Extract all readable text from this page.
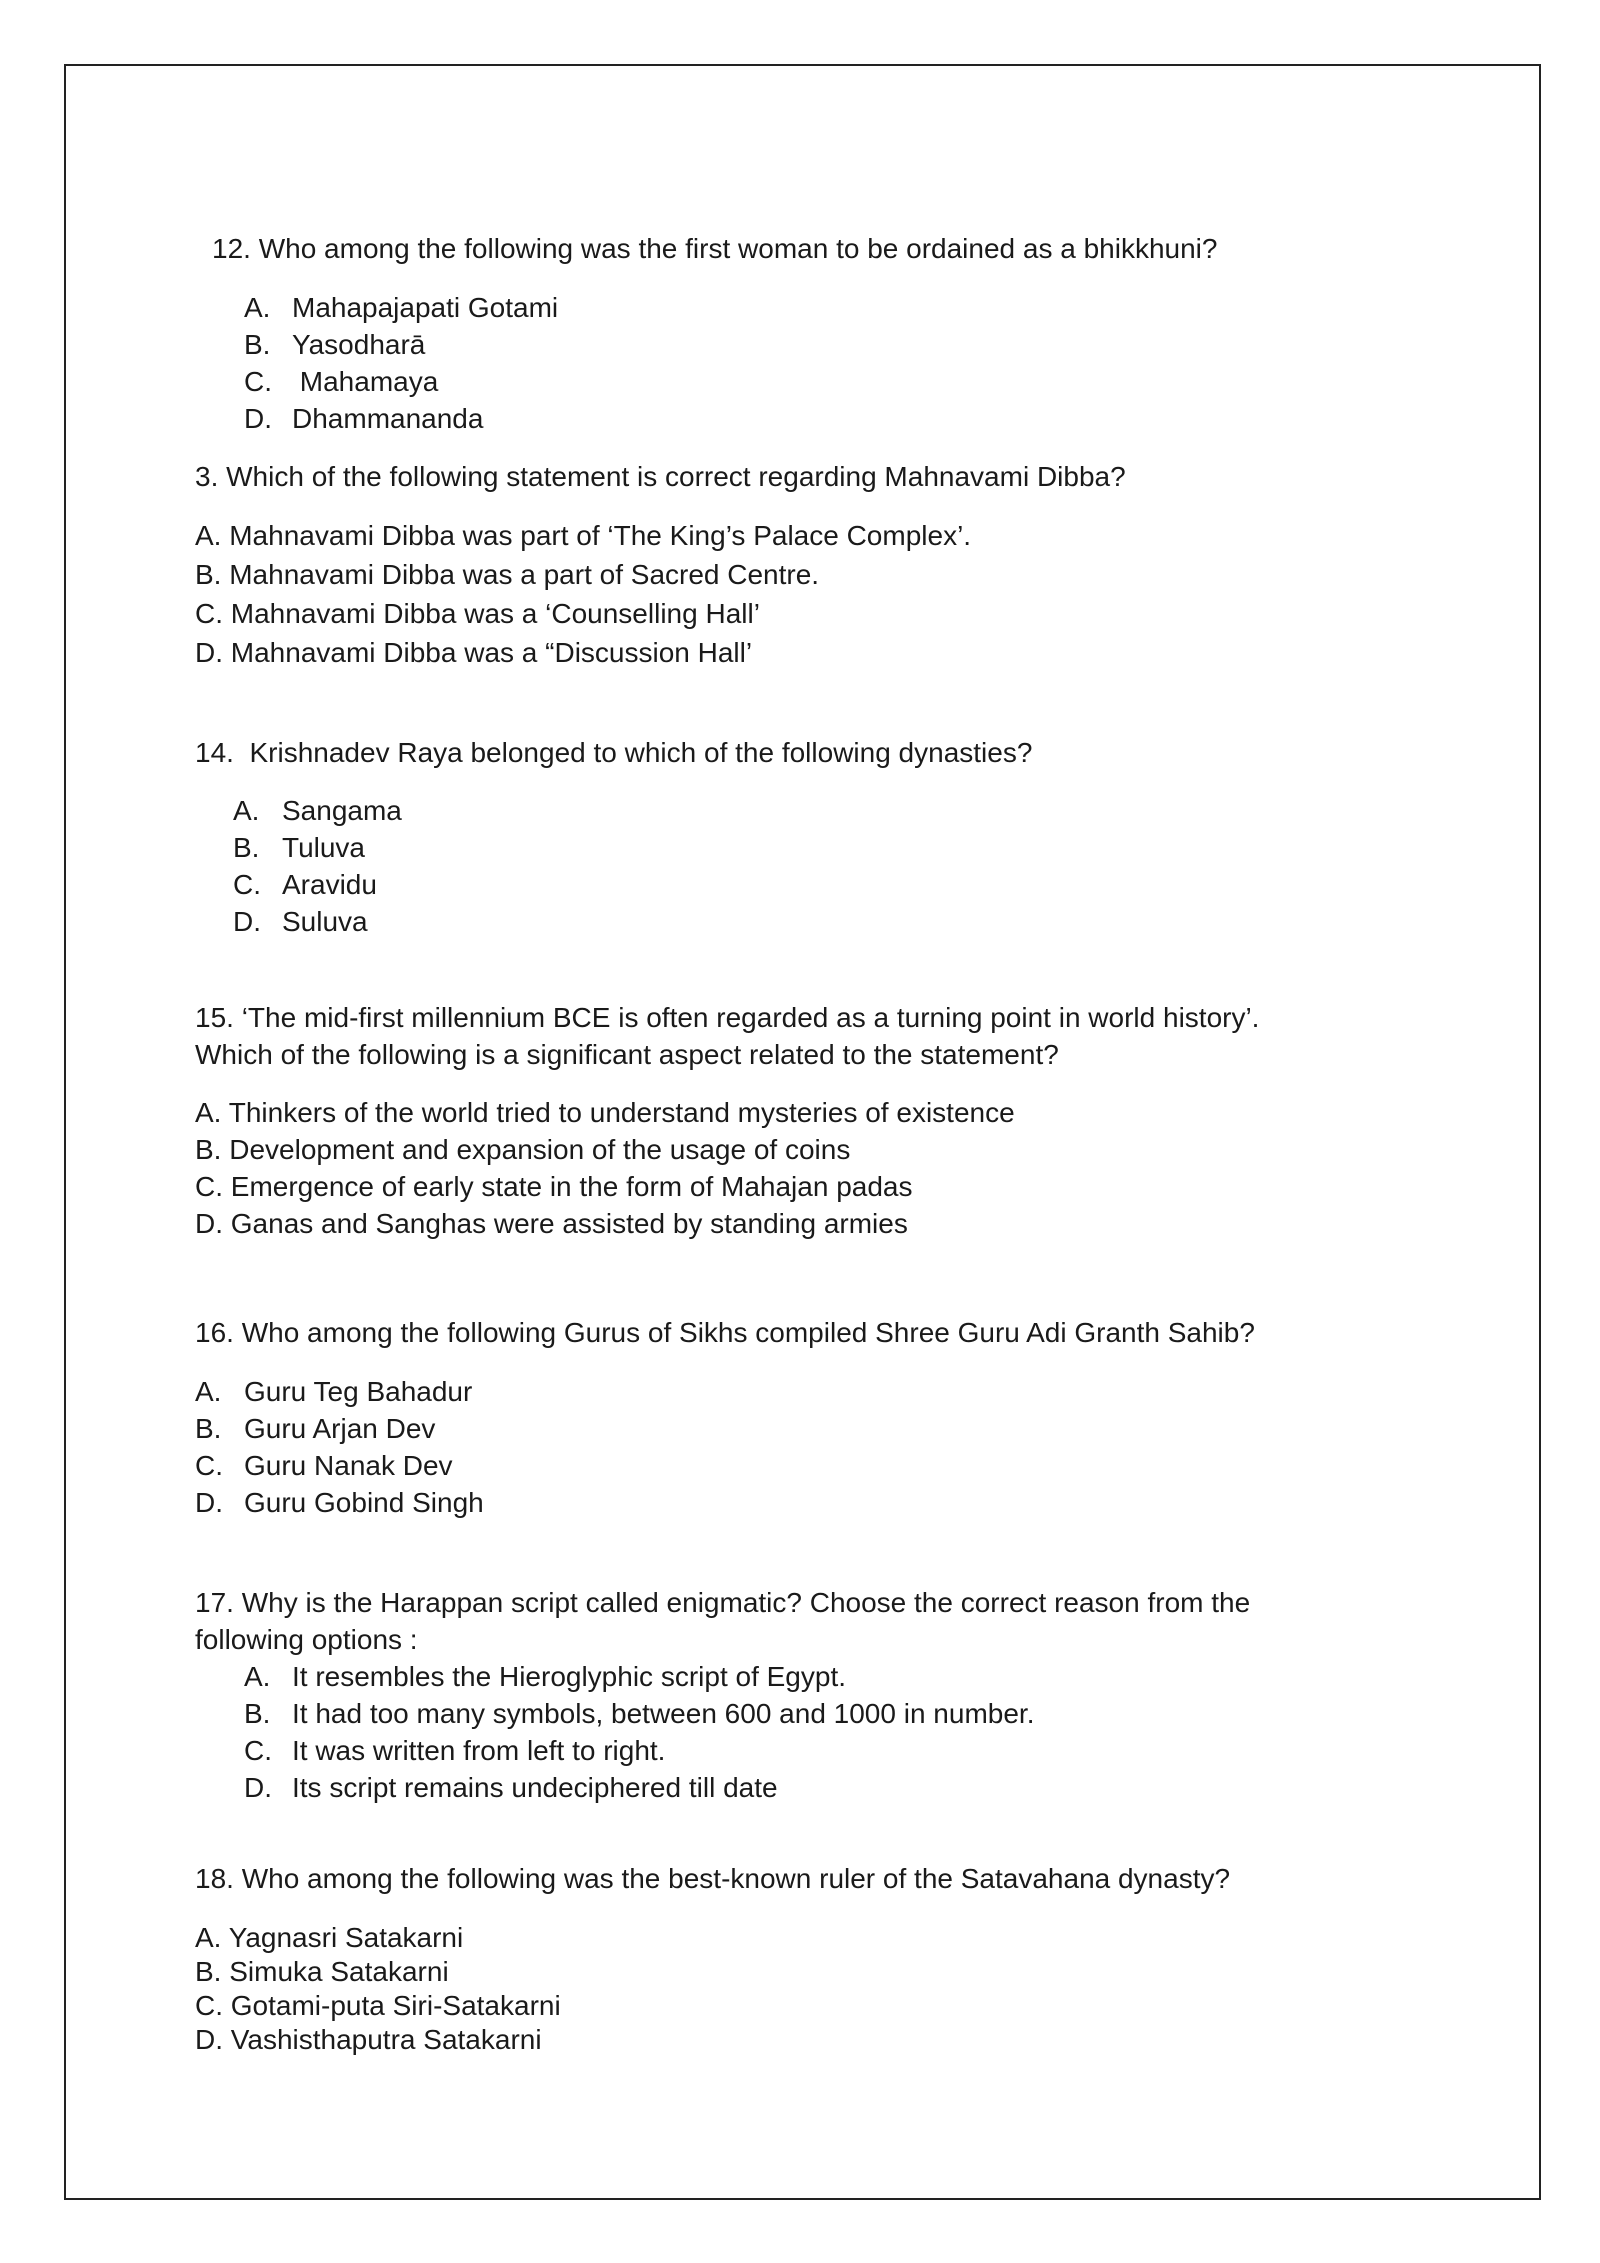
12. Who among the following was the first woman to be ordained as a bhikkhuni?
A. Mahapajapati Gotami
B. Yasodharā
C. Mahamaya
D. Dhammananda
3. Which of the following statement is correct regarding Mahnavami Dibba?
A. Mahnavami Dibba was part of ‘The King’s Palace Complex’.
B. Mahnavami Dibba was a part of Sacred Centre.
C. Mahnavami Dibba was a ‘Counselling Hall’
D. Mahnavami Dibba was a “Discussion Hall’
14.  Krishnadev Raya belonged to which of the following dynasties?
A. Sangama
B. Tuluva
C. Aravidu
D. Suluva
15. ‘The mid-first millennium BCE is often regarded as a turning point in world history’.
Which of the following is a significant aspect related to the statement?
A. Thinkers of the world tried to understand mysteries of existence
B. Development and expansion of the usage of coins
C. Emergence of early state in the form of Mahajan padas
D. Ganas and Sanghas were assisted by standing armies
16. Who among the following Gurus of Sikhs compiled Shree Guru Adi Granth Sahib?
A. Guru Teg Bahadur
B. Guru Arjan Dev
C. Guru Nanak Dev
D. Guru Gobind Singh
17. Why is the Harappan script called enigmatic? Choose the correct reason from the
following options :
A. It resembles the Hieroglyphic script of Egypt.
B. It had too many symbols, between 600 and 1000 in number.
C. It was written from left to right.
D. Its script remains undeciphered till date
18. Who among the following was the best-known ruler of the Satavahana dynasty?
A. Yagnasri Satakarni
B. Simuka Satakarni
C. Gotami-puta Siri-Satakarni
D. Vashisthaputra Satakarni
